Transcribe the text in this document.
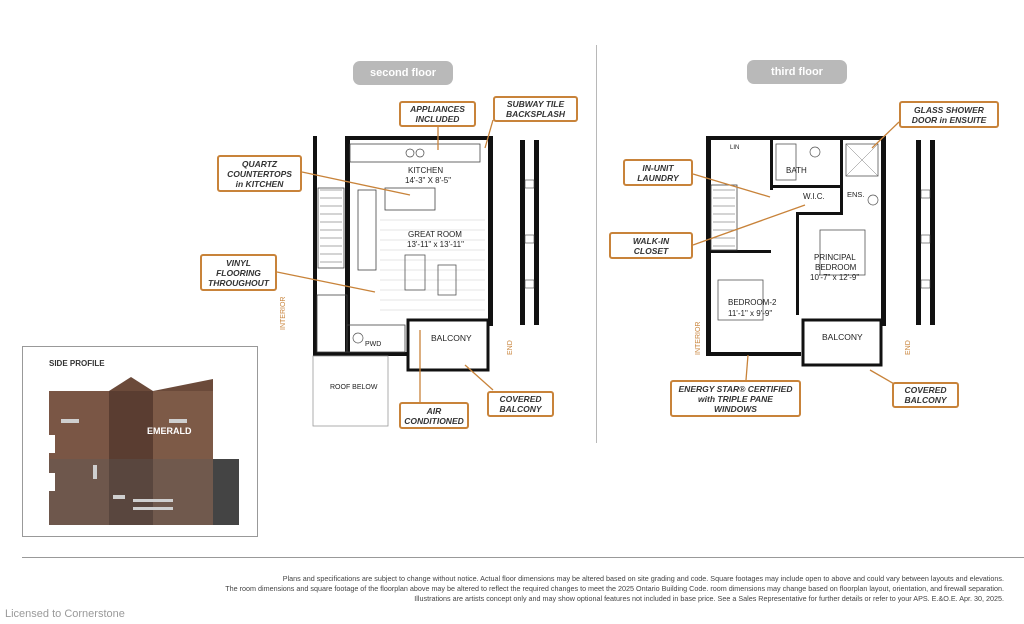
second floor	third floor
KITCHEN
14'-3" X 8'-5"
GREAT ROOM
13'-11" x 13'-11"
BALCONY
PWD
ROOF BELOW
INTERIOR
END
LIN
BATH
ENS.
W.I.C.
PRINCIPAL
BEDROOM
10'-7" x 12'-9"
BEDROOM-2
11'-1" x 9'-9"
BALCONY
INTERIOR	END
APPLIANCES
INCLUDED
SUBWAY TILE
BACKSPLASH
QUARTZ
COUNTERTOPS
in KITCHEN
VINYL
FLOORING
THROUGHOUT
AIR
CONDITIONED
COVERED
BALCONY
GLASS SHOWER
DOOR in ENSUITE
IN-UNIT
LAUNDRY
WALK-IN
CLOSET
ENERGY STAR® CERTIFIED
with TRIPLE PANE
WINDOWS
COVERED
BALCONY
SIDE PROFILE
EMERALD
Plans and specifications are subject to change without notice. Actual floor dimensions may be altered based on site grading and code. Square footages may include open to above and could vary between layouts and elevations.
The room dimensions and square footage of the floorplan above may be altered to reflect the required changes to meet the 2025 Ontario Building Code. room dimensions may change based on floorplan layout, orientation, and firewall separation.
Illustrations are artists concept only and may show optional features not included in base price. See a Sales Representative for further details or refer to your APS. E.&O.E. Apr. 30, 2025.
Licensed to Cornerstone
